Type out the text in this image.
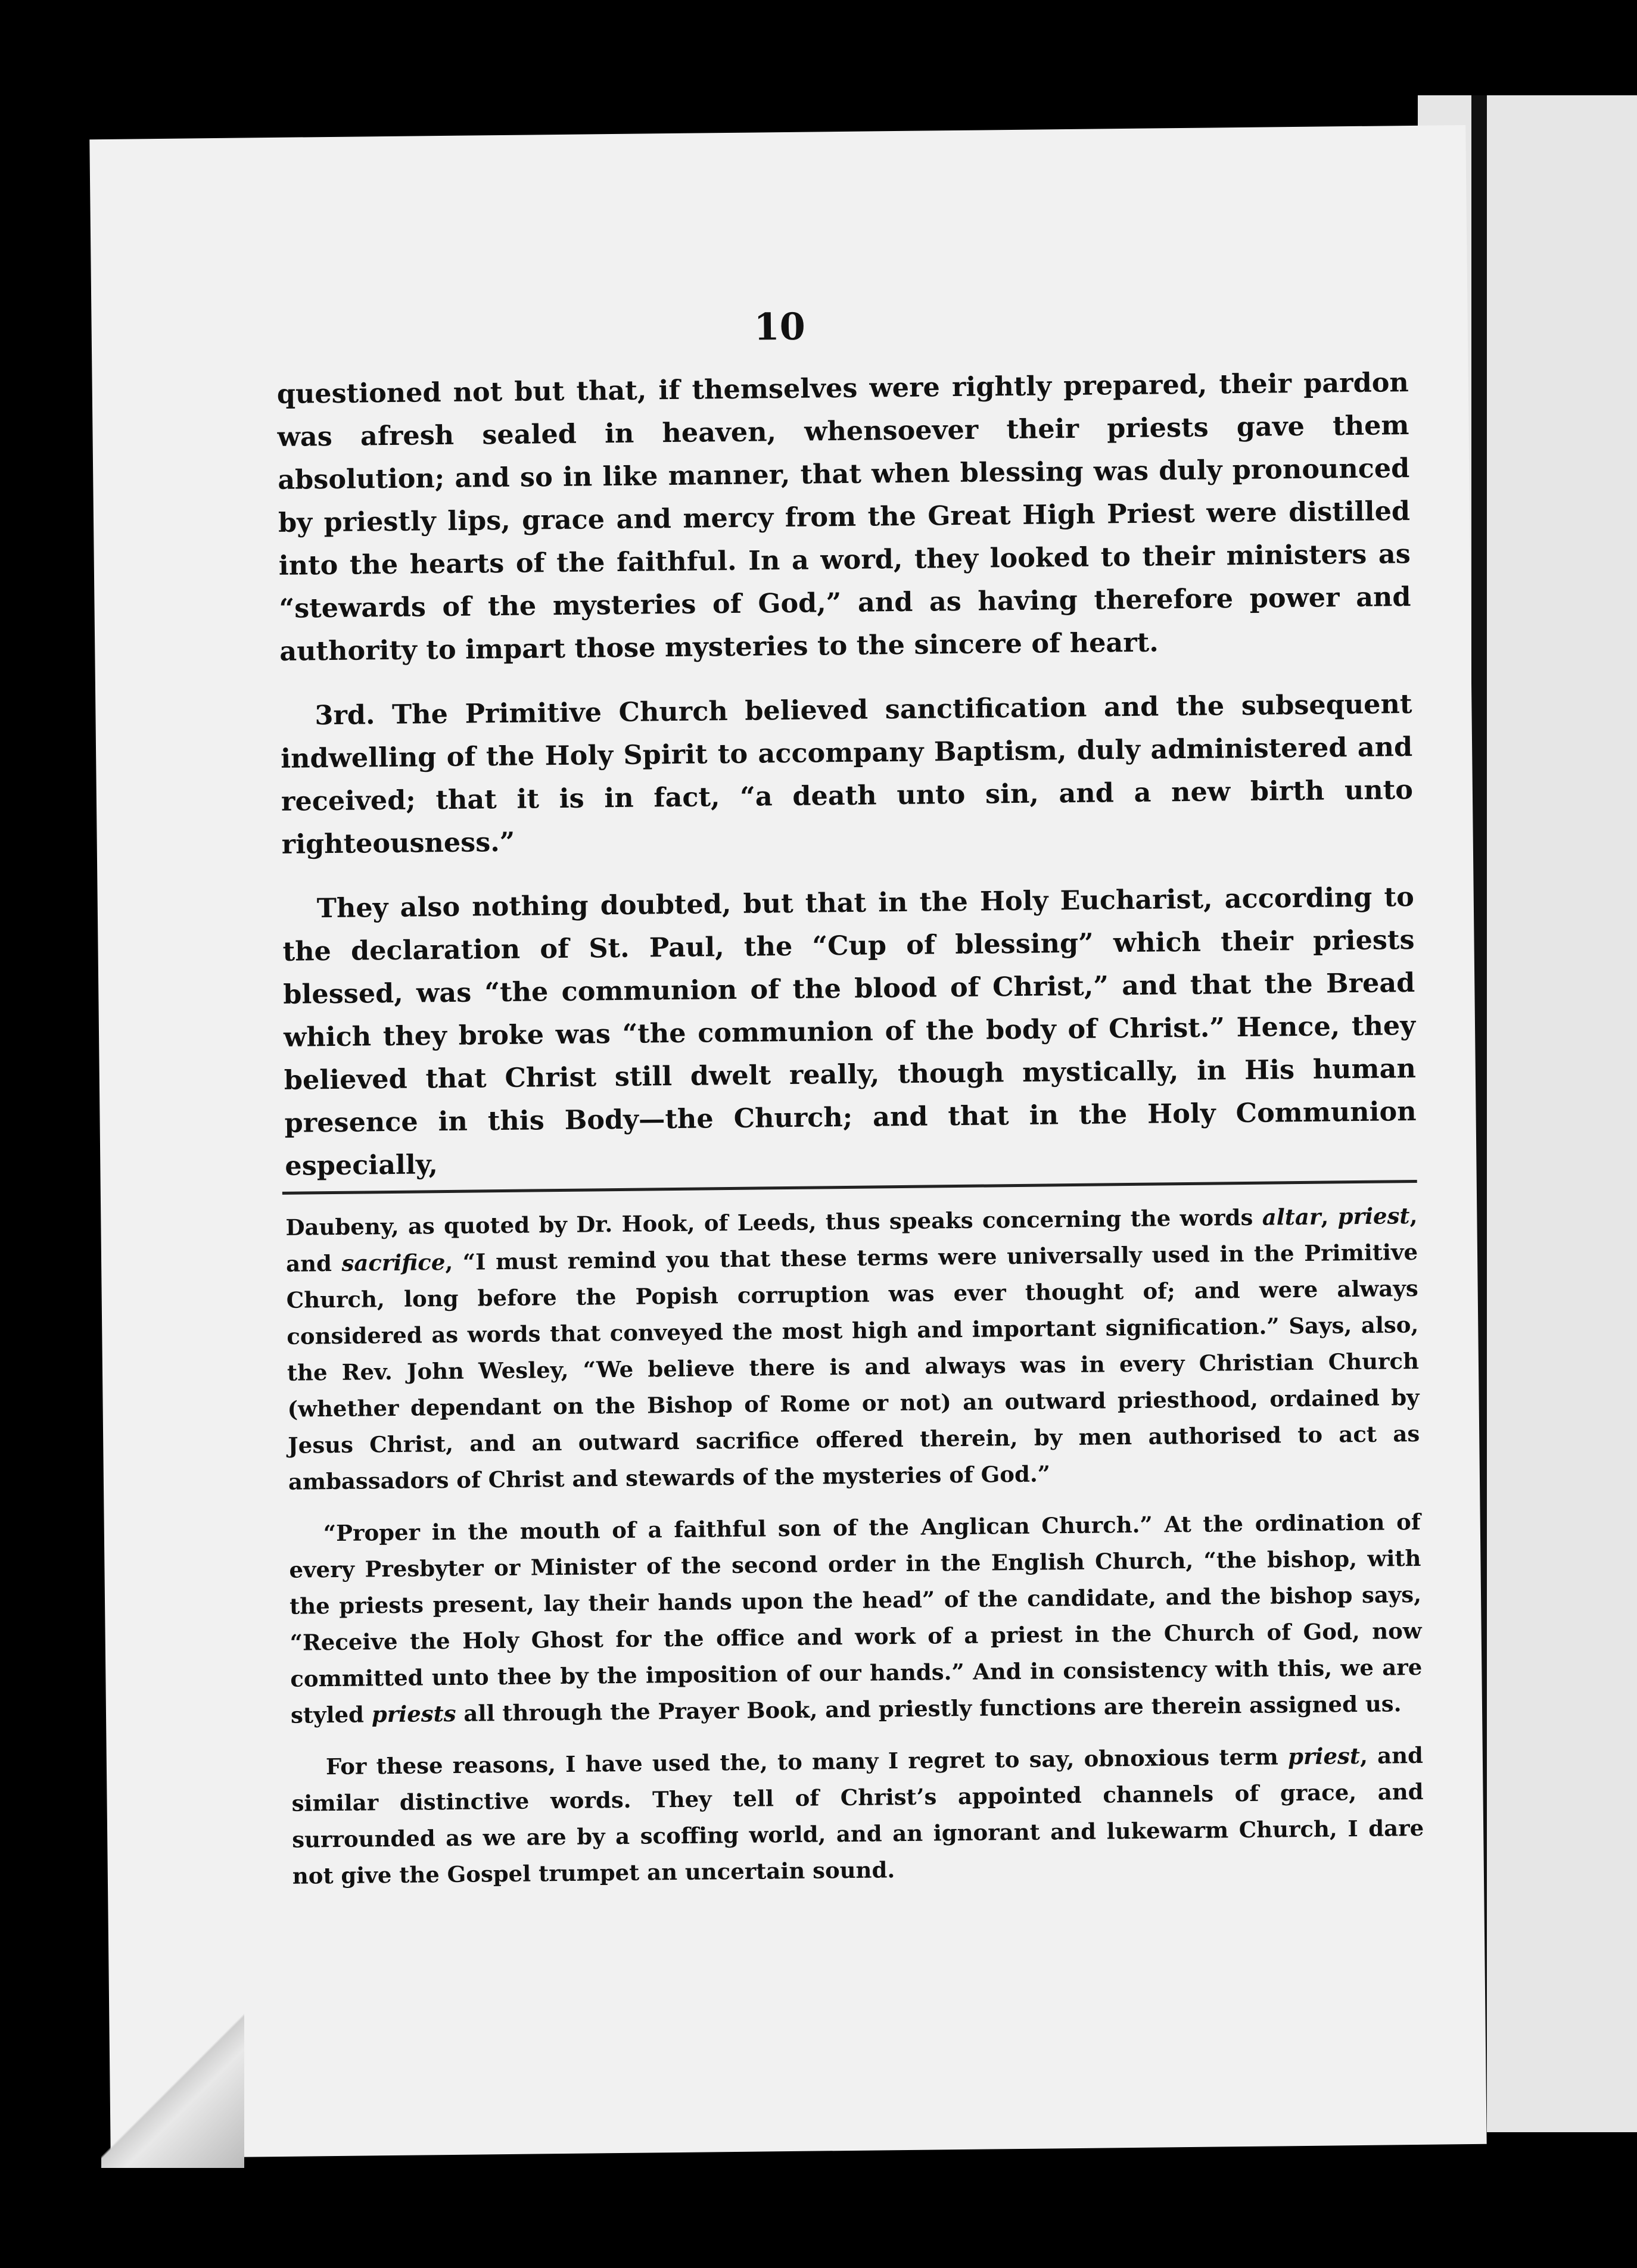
10

questioned not but that, if themselves were rightly prepared, their pardon was afresh sealed in heaven, whensoever their priests gave them absolution; and so in like manner, that when blessing was duly pronounced by priestly lips, grace and mercy from the Great High Priest were distilled into the hearts of the faithful. In a word, they looked to their ministers as “stewards of the mysteries of God,” and as having therefore power and authority to impart those mysteries to the sincere of heart.

3rd. The Primitive Church believed sanctification and the subsequent indwelling of the Holy Spirit to accompany Baptism, duly administered and received; that it is in fact, “a death unto sin, and a new birth unto righteousness.”

They also nothing doubted, but that in the Holy Eucharist, according to the declaration of St. Paul, the “Cup of blessing” which their priests blessed, was “the communion of the blood of Christ,” and that the Bread which they broke was “the communion of the body of Christ.” Hence, they believed that Christ still dwelt really, though mystically, in His human presence in this Body—the Church; and that in the Holy Communion especially,

Daubeny, as quoted by Dr. Hook, of Leeds, thus speaks concerning the words altar, priest, and sacrifice, “I must remind you that these terms were universally used in the Primitive Church, long before the Popish corruption was ever thought of; and were always considered as words that conveyed the most high and important signification.” Says, also, the Rev. John Wesley, “We believe there is and always was in every Christian Church (whether dependant on the Bishop of Rome or not) an outward priesthood, ordained by Jesus Christ, and an outward sacrifice offered therein, by men authorised to act as ambassadors of Christ and stewards of the mysteries of God.”

“Proper in the mouth of a faithful son of the Anglican Church.” At the ordination of every Presbyter or Minister of the second order in the English Church, “the bishop, with the priests present, lay their hands upon the head” of the candidate, and the bishop says, “Receive the Holy Ghost for the office and work of a priest in the Church of God, now committed unto thee by the imposition of our hands.” And in consistency with this, we are styled priests all through the Prayer Book, and priestly functions are therein assigned us.

For these reasons, I have used the, to many I regret to say, obnoxious term priest, and similar distinctive words. They tell of Christ’s appointed channels of grace, and surrounded as we are by a scoffing world, and an ignorant and lukewarm Church, I dare not give the Gospel trumpet an uncertain sound.
